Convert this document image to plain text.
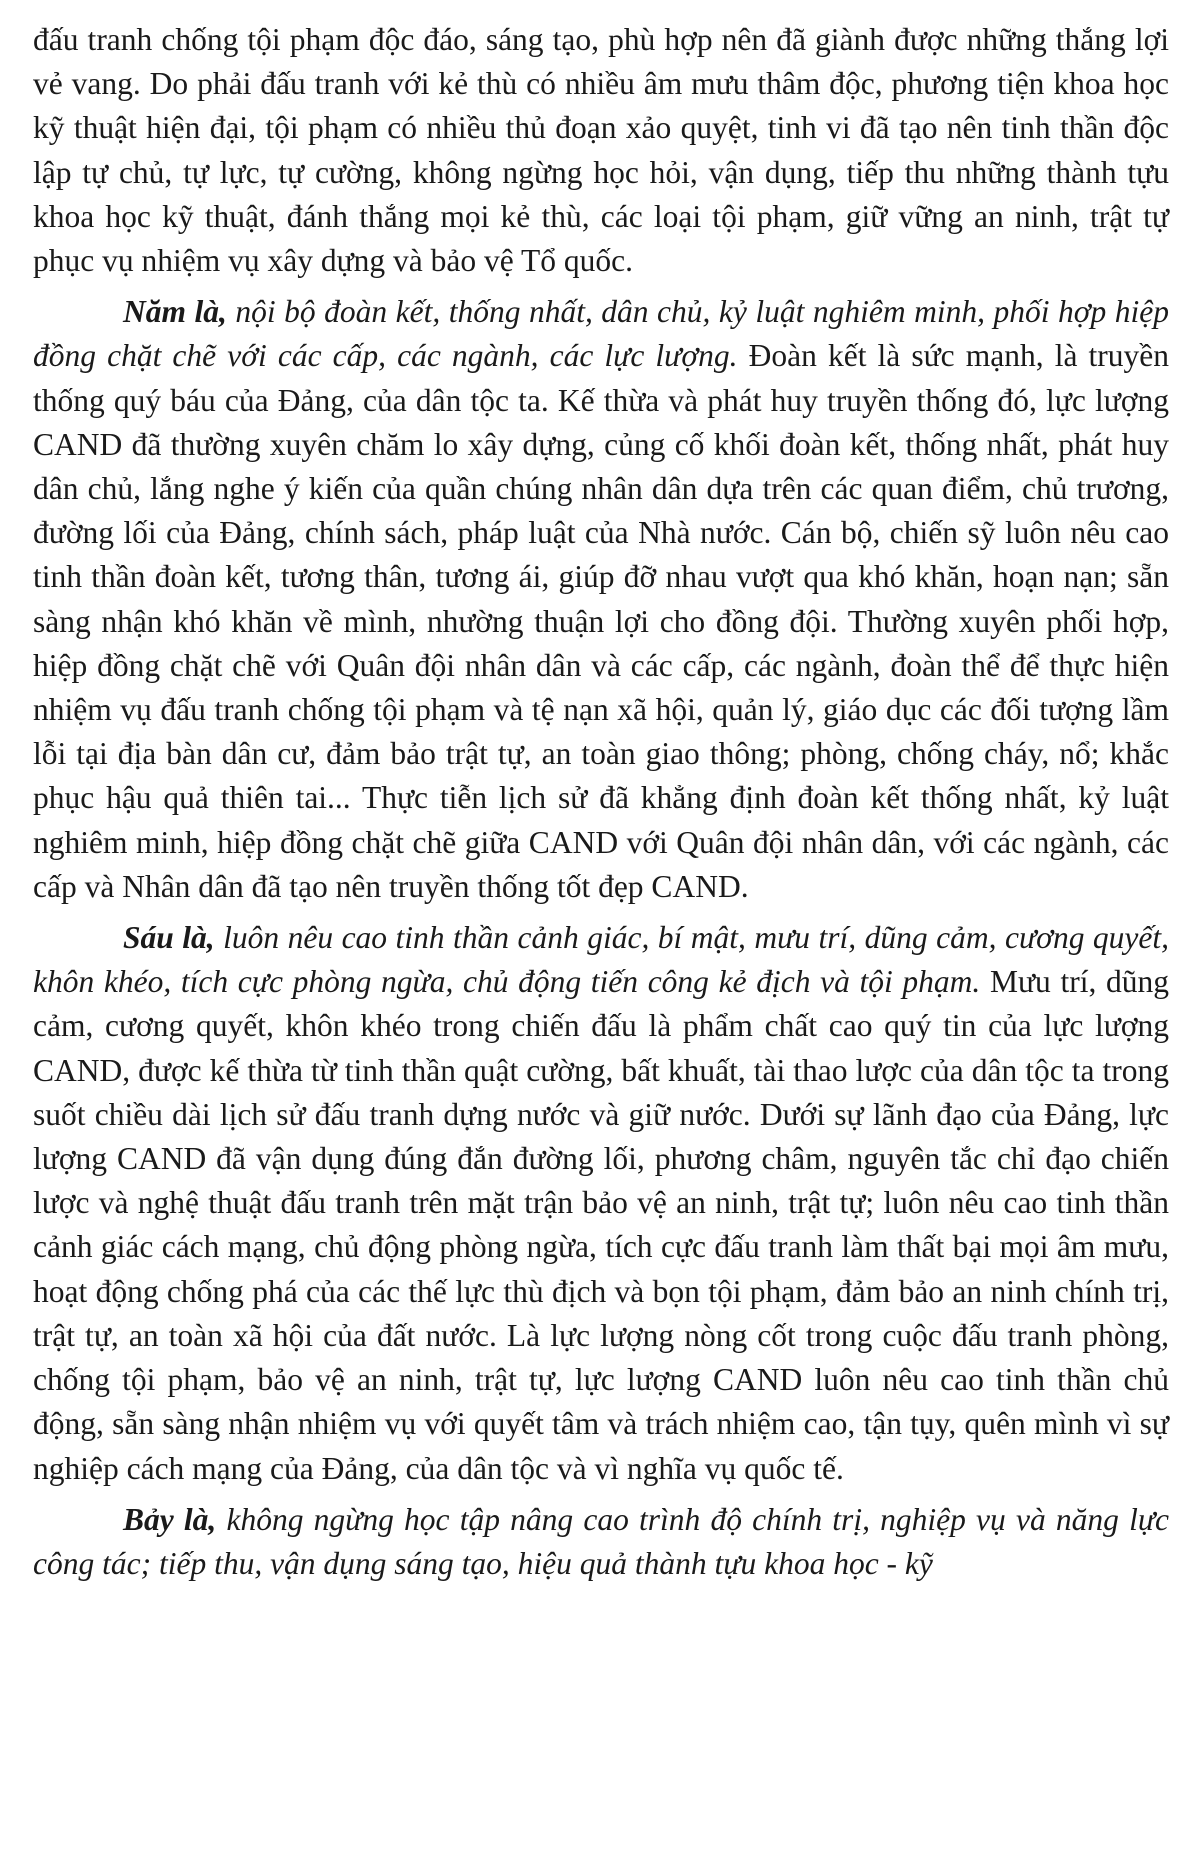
đấu tranh chống tội phạm độc đáo, sáng tạo, phù hợp nên đã giành được những thắng lợi vẻ vang. Do phải đấu tranh với kẻ thù có nhiều âm mưu thâm độc, phương tiện khoa học kỹ thuật hiện đại, tội phạm có nhiều thủ đoạn xảo quyệt, tinh vi đã tạo nên tinh thần độc lập tự chủ, tự lực, tự cường, không ngừng học hỏi, vận dụng, tiếp thu những thành tựu khoa học kỹ thuật, đánh thắng mọi kẻ thù, các loại tội phạm, giữ vững an ninh, trật tự phục vụ nhiệm vụ xây dựng và bảo vệ Tổ quốc.

Năm là, nội bộ đoàn kết, thống nhất, dân chủ, kỷ luật nghiêm minh, phối hợp hiệp đồng chặt chẽ với các cấp, các ngành, các lực lượng. Đoàn kết là sức mạnh, là truyền thống quý báu của Đảng, của dân tộc ta. Kế thừa và phát huy truyền thống đó, lực lượng CAND đã thường xuyên chăm lo xây dựng, củng cố khối đoàn kết, thống nhất, phát huy dân chủ, lắng nghe ý kiến của quần chúng nhân dân dựa trên các quan điểm, chủ trương, đường lối của Đảng, chính sách, pháp luật của Nhà nước. Cán bộ, chiến sỹ luôn nêu cao tinh thần đoàn kết, tương thân, tương ái, giúp đỡ nhau vượt qua khó khăn, hoạn nạn; sẵn sàng nhận khó khăn về mình, nhường thuận lợi cho đồng đội. Thường xuyên phối hợp, hiệp đồng chặt chẽ với Quân đội nhân dân và các cấp, các ngành, đoàn thể để thực hiện nhiệm vụ đấu tranh chống tội phạm và tệ nạn xã hội, quản lý, giáo dục các đối tượng lầm lỗi tại địa bàn dân cư, đảm bảo trật tự, an toàn giao thông; phòng, chống cháy, nổ; khắc phục hậu quả thiên tai... Thực tiễn lịch sử đã khẳng định đoàn kết thống nhất, kỷ luật nghiêm minh, hiệp đồng chặt chẽ giữa CAND với Quân đội nhân dân, với các ngành, các cấp và Nhân dân đã tạo nên truyền thống tốt đẹp CAND.

Sáu là, luôn nêu cao tinh thần cảnh giác, bí mật, mưu trí, dũng cảm, cương quyết, khôn khéo, tích cực phòng ngừa, chủ động tiến công kẻ địch và tội phạm. Mưu trí, dũng cảm, cương quyết, khôn khéo trong chiến đấu là phẩm chất cao quý tin của lực lượng CAND, được kế thừa từ tinh thần quật cường, bất khuất, tài thao lược của dân tộc ta trong suốt chiều dài lịch sử đấu tranh dựng nước và giữ nước. Dưới sự lãnh đạo của Đảng, lực lượng CAND đã vận dụng đúng đắn đường lối, phương châm, nguyên tắc chỉ đạo chiến lược và nghệ thuật đấu tranh trên mặt trận bảo vệ an ninh, trật tự; luôn nêu cao tinh thần cảnh giác cách mạng, chủ động phòng ngừa, tích cực đấu tranh làm thất bại mọi âm mưu, hoạt động chống phá của các thế lực thù địch và bọn tội phạm, đảm bảo an ninh chính trị, trật tự, an toàn xã hội của đất nước. Là lực lượng nòng cốt trong cuộc đấu tranh phòng, chống tội phạm, bảo vệ an ninh, trật tự, lực lượng CAND luôn nêu cao tinh thần chủ động, sẵn sàng nhận nhiệm vụ với quyết tâm và trách nhiệm cao, tận tụy, quên mình vì sự nghiệp cách mạng của Đảng, của dân tộc và vì nghĩa vụ quốc tế.

Bảy là, không ngừng học tập nâng cao trình độ chính trị, nghiệp vụ và năng lực công tác; tiếp thu, vận dụng sáng tạo, hiệu quả thành tựu khoa học - kỹ
